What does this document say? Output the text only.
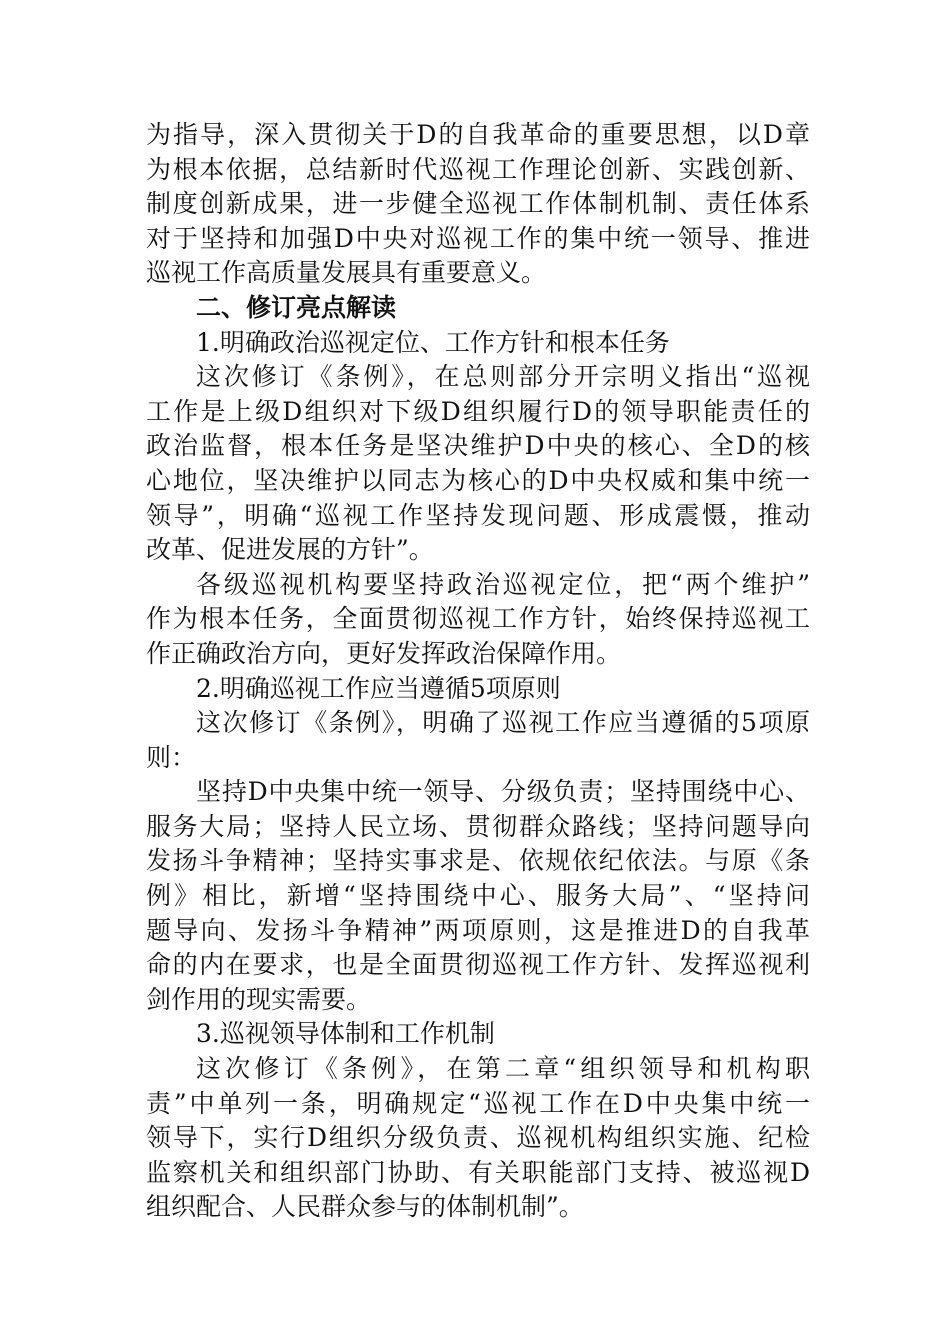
为指导，深入贯彻关于D的自我革命的重要思想，以D章
为根本依据，总结新时代巡视工作理论创新、实践创新、
制度创新成果，进一步健全巡视工作体制机制、责任体系
对于坚持和加强D中央对巡视工作的集中统一领导、推进
巡视工作高质量发展具有重要意义。
二、修订亮点解读
1.明确政治巡视定位、工作方针和根本任务
这次修订《条例》，在总则部分开宗明义指出“巡视
工作是上级D组织对下级D组织履行D的领导职能责任的
政治监督，根本任务是坚决维护D中央的核心、全D的核
心地位，坚决维护以同志为核心的D中央权威和集中统一
领导”，明确“巡视工作坚持发现问题、形成震慑，推动
改革、促进发展的方针”。
各级巡视机构要坚持政治巡视定位，把“两个维护”
作为根本任务，全面贯彻巡视工作方针，始终保持巡视工
作正确政治方向，更好发挥政治保障作用。
2.明确巡视工作应当遵循5项原则
这次修订《条例》，明确了巡视工作应当遵循的5项原
则：
坚持D中央集中统一领导、分级负责；坚持围绕中心、
服务大局；坚持人民立场、贯彻群众路线；坚持问题导向
发扬斗争精神；坚持实事求是、依规依纪依法。与原《条
例》相比，新增“坚持围绕中心、服务大局”、“坚持问
题导向、发扬斗争精神”两项原则，这是推进D的自我革
命的内在要求，也是全面贯彻巡视工作方针、发挥巡视利
剑作用的现实需要。
3.巡视领导体制和工作机制
这次修订《条例》，在第二章“组织领导和机构职
责”中单列一条，明确规定“巡视工作在D中央集中统一
领导下，实行D组织分级负责、巡视机构组织实施、纪检
监察机关和组织部门协助、有关职能部门支持、被巡视D
组织配合、人民群众参与的体制机制”。
